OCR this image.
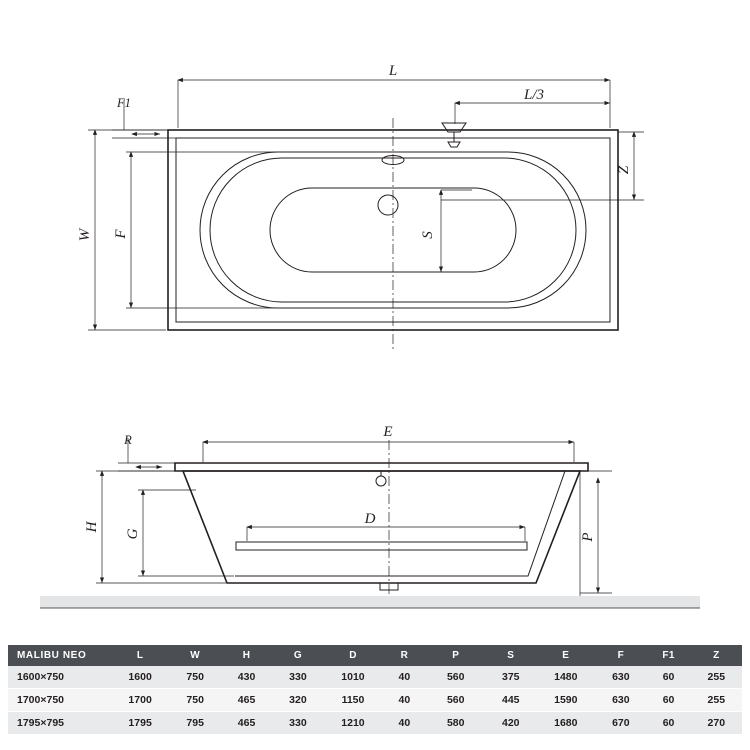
L
L/3
F1
W F	S
Z
E
R
H
G
D
P
MALIBU NEO	L	W	H	G	D	R	P	S	E	F	F1	Z
1600×750	1600	750	430	330	1010	40	560	375	1480	630	60	255
1700×750	1700	750	465	320	1150	40	560	445	1590	630	60	255
1795×795	1795	795	465	330	1210	40	580	420	1680	670	60	270
